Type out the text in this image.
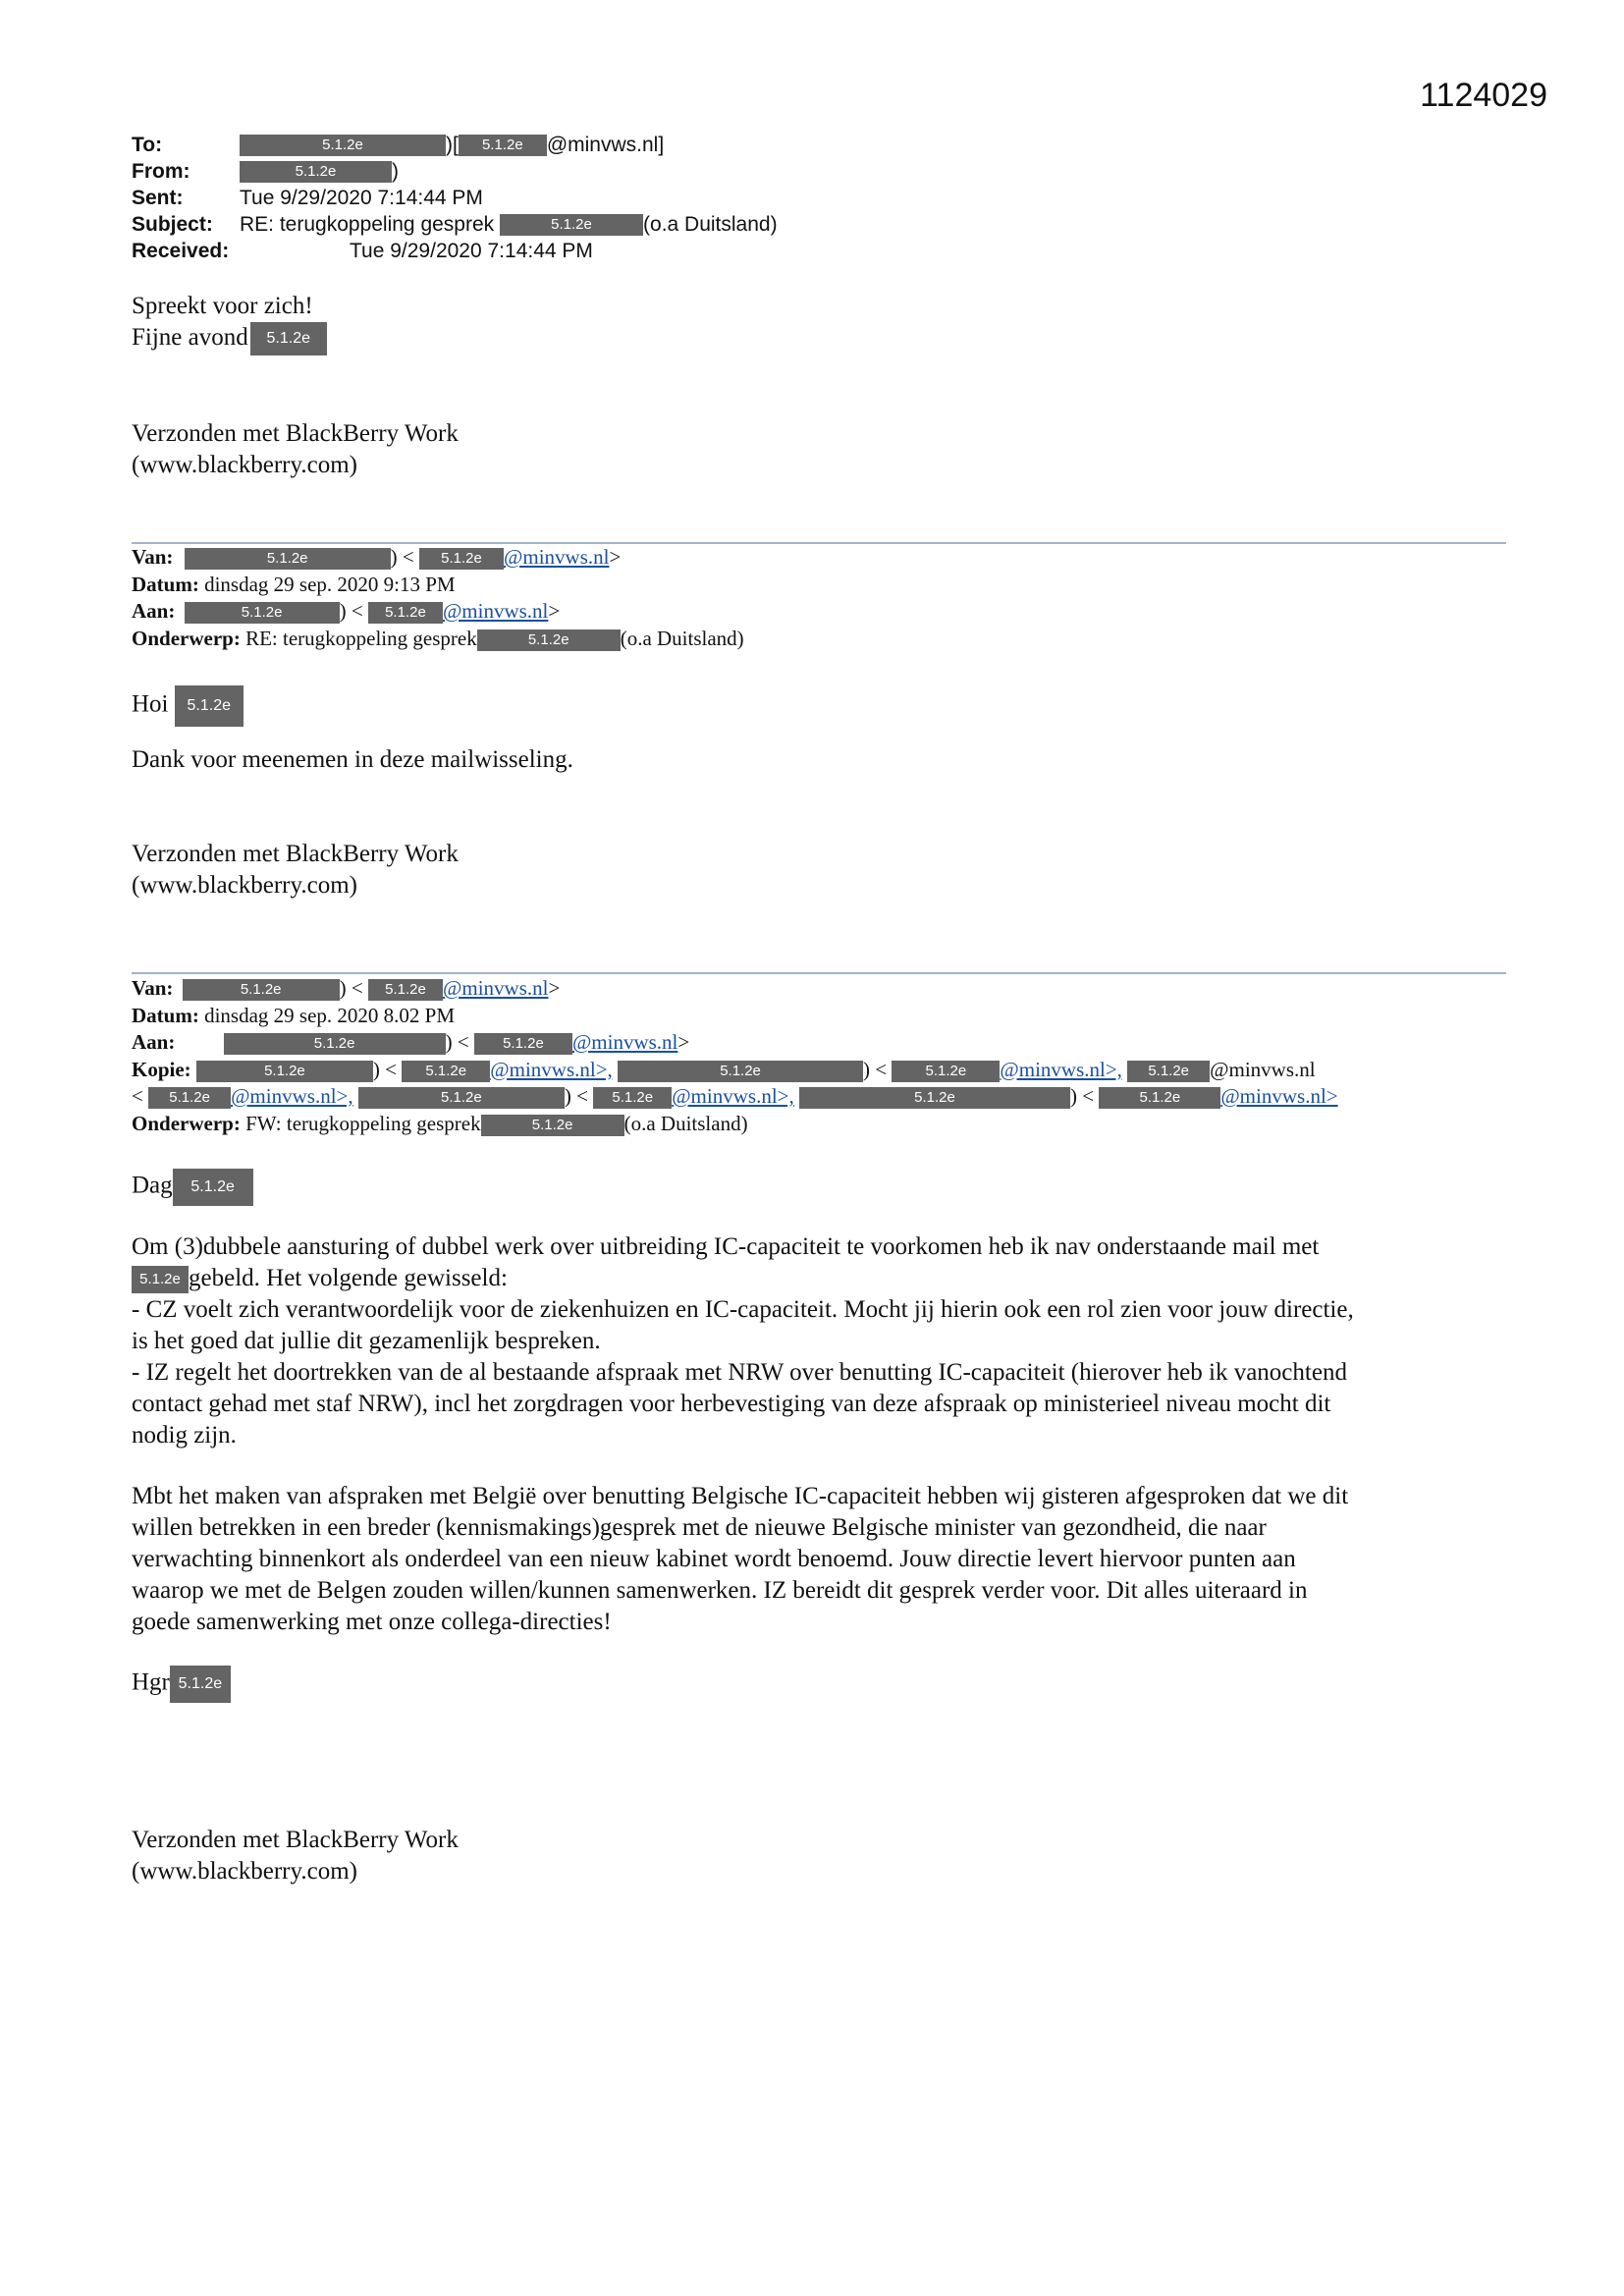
1124029
To:	5.1.2e	)[ 5.1.2e @minvws.nl]
From:	5.1.2e	)
Sent:	Tue 9/29/2020 7:14:44 PM
Subject: RE: terugkoppeling gesprek	5.1.2e (o.a Duitsland)
Received:	Tue 9/29/2020 7:14:44 PM
Spreekt voor zich!
Fijne avond 5.1.2e
Verzonden met BlackBerry Work
(www.blackberry.com)
Van:	5.1.2e	) < 5.1.2e @minvws.nl>
Datum: dinsdag 29 sep. 2020 9:13 PM
Aan:	5.1.2e	) < 5.1.2e @minvws.nl>
Onderwerp: RE: terugkoppeling gesprek	5.1.2e (o.a Duitsland)
Hoi 5.1.2e
Dank voor meenemen in deze mailwisseling.
Verzonden met BlackBerry Work
(www.blackberry.com)
Van:	5.1.2e	) < 5.1.2e @minvws.nl>
Datum: dinsdag 29 sep. 2020 8.02 PM
Aan:	5.1.2e	) < 5.1.2e @minvws.nl>
Kopie:	5.1.2e	) < 5.1.2e @minvws.nl>,	5.1.2e	) <	5.1.2e @minvws.nl>, 5.1.2e @minvws.nl
< 5.1.2e @minvws.nl>,	5.1.2e	) < 5.1.2e @minvws.nl>,	5.1.2e	) <	5.1.2e @minvws.nl>
Onderwerp: FW: terugkoppeling gesprek	5.1.2e (o.a Duitsland)
Dag 5.1.2e
Om (3)dubbele aansturing of dubbel werk over uitbreiding IC-capaciteit te voorkomen heb ik nav onderstaande mail met
5.1.2e gebeld. Het volgende gewisseld:
- CZ voelt zich verantwoordelijk voor de ziekenhuizen en IC-capaciteit. Mocht jij hierin ook een rol zien voor jouw directie,
is het goed dat jullie dit gezamenlijk bespreken.
- IZ regelt het doortrekken van de al bestaande afspraak met NRW over benutting IC-capaciteit (hierover heb ik vanochtend
contact gehad met staf NRW), incl het zorgdragen voor herbevestiging van deze afspraak op ministerieel niveau mocht dit
nodig zijn.
Mbt het maken van afspraken met België over benutting Belgische IC-capaciteit hebben wij gisteren afgesproken dat we dit
willen betrekken in een breder (kennismakings)gesprek met de nieuwe Belgische minister van gezondheid, die naar
verwachting binnenkort als onderdeel van een nieuw kabinet wordt benoemd. Jouw directie levert hiervoor punten aan
waarop we met de Belgen zouden willen/kunnen samenwerken. IZ bereidt dit gesprek verder voor. Dit alles uiteraard in
goede samenwerking met onze collega-directies!
Hgr 5.1.2e
Verzonden met BlackBerry Work
(www.blackberry.com)
